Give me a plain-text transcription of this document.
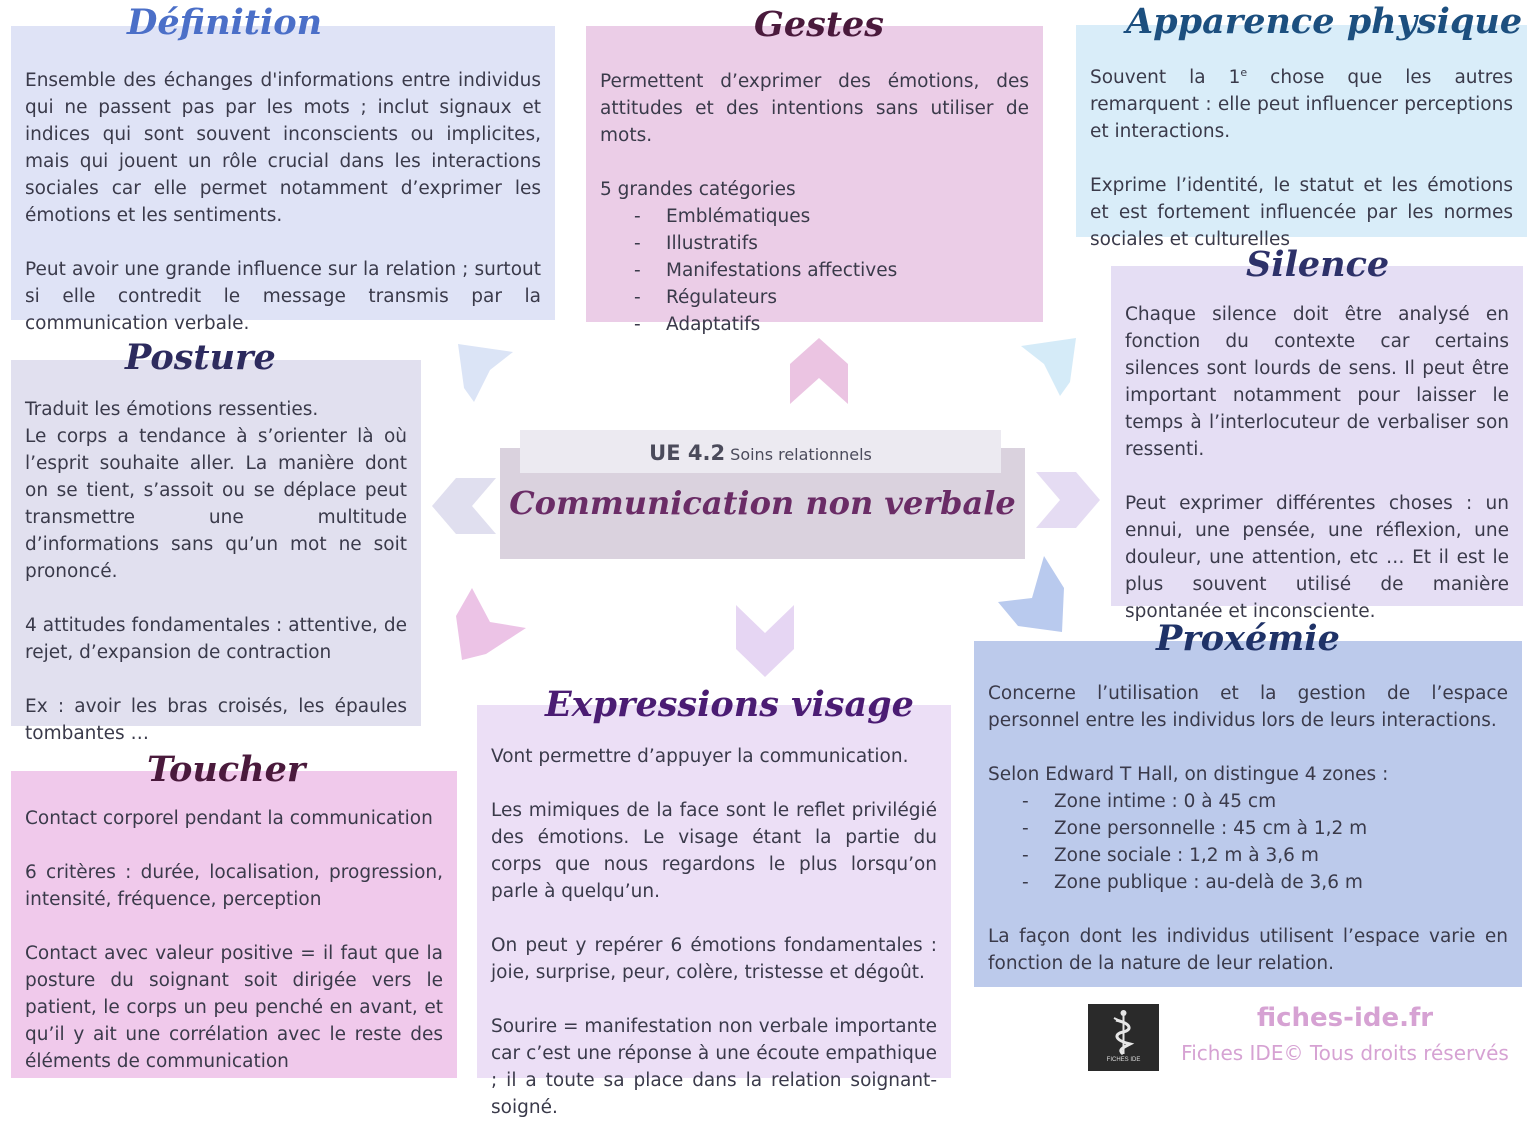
Ensemble des échanges d'informations entre individus qui ne passent pas par les mots ; inclut signaux et indices qui sont souvent inconscients ou implicites, mais qui jouent un rôle crucial dans les interactions sociales car elle permet notamment d’exprimer les émotions et les sentiments.

Peut avoir une grande influence sur la relation ; surtout si elle contredit le message transmis par la communication verbale.

Définition

Permettent d’exprimer des émotions, des attitudes et des intentions sans utiliser de mots.

5 grandes catégories

- Emblématiques
- Illustratifs
- Manifestations affectives
- Régulateurs
- Adaptatifs
Gestes

Souvent la 1e chose que les autres remarquent : elle peut influencer perceptions et interactions.

Exprime l’identité, le statut et les émotions et est fortement influencée par les normes sociales et culturelles

Apparence physique

Chaque silence doit être analysé en fonction du contexte car certains silences sont lourds de sens. Il peut être important notamment pour laisser le temps à l’interlocuteur de verbaliser son ressenti.

Peut exprimer différentes choses : un ennui, une pensée, une réflexion, une douleur, une attention, etc … Et il est le plus souvent utilisé de manière spontanée et inconsciente.

Silence

Traduit les émotions ressenties.

Le corps a tendance à s’orienter là où l’esprit souhaite aller. La manière dont on se tient, s’assoit ou se déplace peut transmettre une multitude d’informations sans qu’un mot ne soit prononcé.

4 attitudes fondamentales : attentive, de rejet, d’expansion de contraction

Ex : avoir les bras croisés, les épaules tombantes …

Posture
UE 4.2 Soins relationnels
Communication non verbale

Concerne l’utilisation et la gestion de l’espace personnel entre les individus lors de leurs interactions.

Selon Edward T Hall, on distingue 4 zones :

- Zone intime : 0 à 45 cm
- Zone personnelle : 45 cm à 1,2 m
- Zone sociale : 1,2 m à 3,6 m
- Zone publique : au-delà de 3,6 m

La façon dont les individus utilisent l’espace varie en fonction de la nature de leur relation.

Proxémie

Vont permettre d’appuyer la communication.

Les mimiques de la face sont le reflet privilégié des émotions. Le visage étant la partie du corps que nous regardons le plus lorsqu’on parle à quelqu’un.

On peut y repérer 6 émotions fondamentales : joie, surprise, peur, colère, tristesse et dégoût.

Sourire = manifestation non verbale importante car c’est une réponse à une écoute empathique ; il a toute sa place dans la relation soignant-soigné.

Expressions visage

Contact corporel pendant la communication

6 critères : durée, localisation, progression, intensité, fréquence, perception

Contact avec valeur positive = il faut que la posture du soignant soit dirigée vers le patient, le corps un peu penché en avant, et qu’il y ait une corrélation avec le reste des éléments de communication

Toucher
FICHES IDE
fiches-ide.fr
Fiches IDE© Tous droits réservés
